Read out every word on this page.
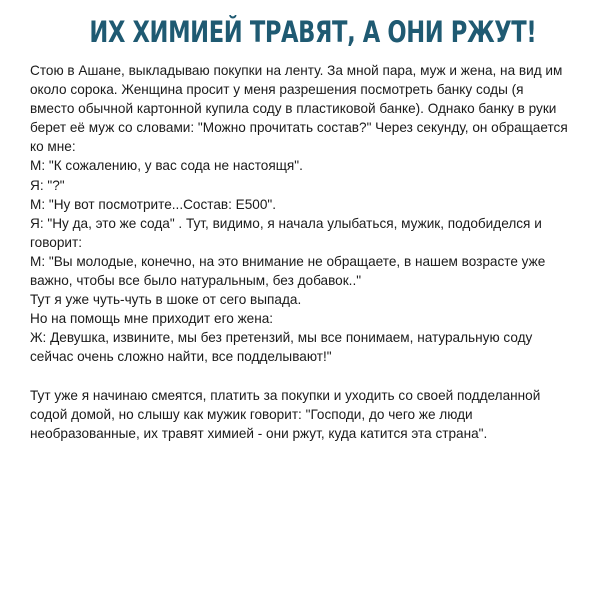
ИХ ХИМИЕЙ ТРАВЯТ, А ОНИ РЖУТ!

Стою в Ашане, выкладываю покупки на ленту. За мной пара, муж и жена, на вид им около сорока. Женщина просит у меня разрешения посмотреть банку соды (я вместо обычной картонной купила соду в пластиковой банке). Однако банку в руки берет её муж со словами: "Можно прочитать состав?" Через секунду, он обращается ко мне:

М: "К сожалению, у вас сода не настоящя".

Я: "?"

М: "Ну вот посмотрите...Состав: Е500".

Я: "Ну да, это же сода" . Тут, видимо, я начала улыбаться, мужик, подобиделся и говорит:

М: "Вы молодые, конечно, на это внимание не обращаете, в нашем возрасте уже важно, чтобы все было натуральным, без добавок.."

Тут я уже чуть-чуть в шоке от сего выпада.

Но на помощь мне приходит его жена:

Ж: Девушка, извините, мы без претензий, мы все понимаем, натуральную соду сейчас очень сложно найти, все подделывают!"

Тут уже я начинаю смеятся, платить за покупки и уходить со своей подделанной содой домой, но слышу как мужик говорит: "Господи, до чего же люди необразованные, их травят химией - они ржут, куда катится эта страна".
